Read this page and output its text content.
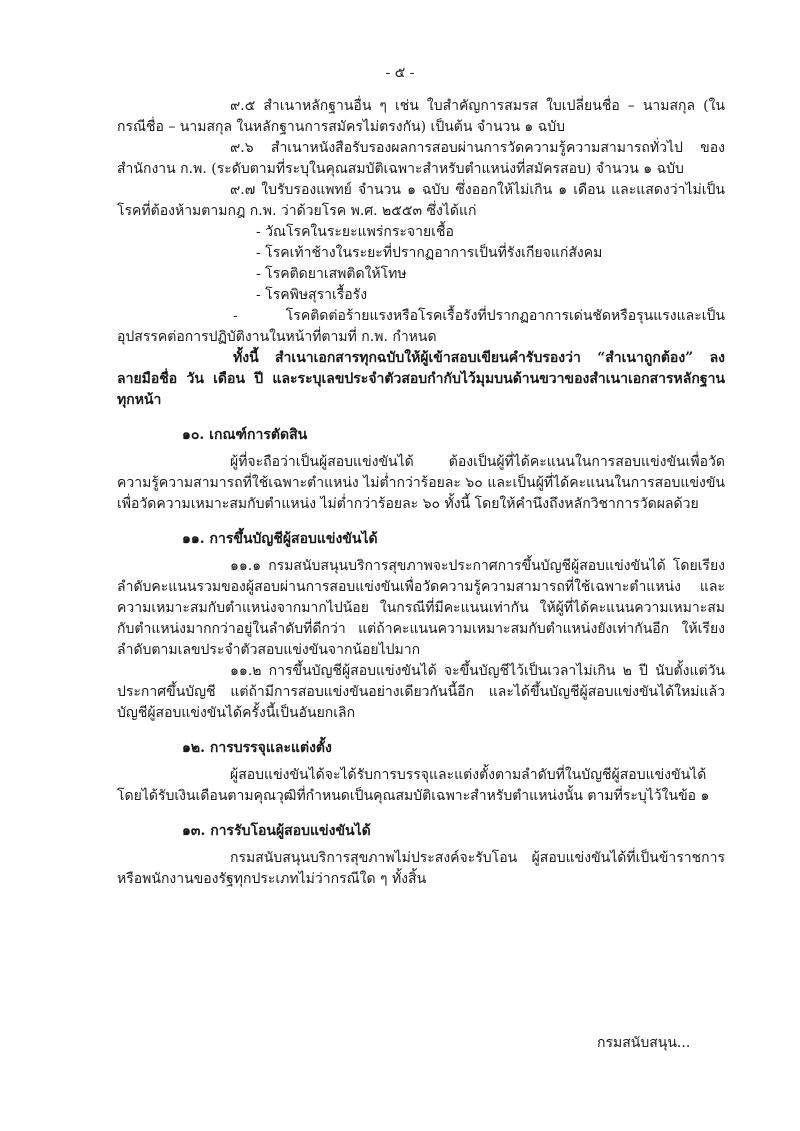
- ๕ -

๙.๕ สำเนาหลักฐานอื่น ๆ เช่น ใบสำคัญการสมรส ใบเปลี่ยนชื่อ – นามสกุล (ในกรณีชื่อ – นามสกุล ในหลักฐานการสมัครไม่ตรงกัน) เป็นต้น จำนวน ๑ ฉบับ

๙.๖ สำเนาหนังสือรับรองผลการสอบผ่านการวัดความรู้ความสามารถทั่วไป ของ สำนักงาน ก.พ. (ระดับตามที่ระบุในคุณสมบัติเฉพาะสำหรับตำแหน่งที่สมัครสอบ) จำนวน ๑ ฉบับ

๙.๗ ใบรับรองแพทย์ จำนวน ๑ ฉบับ ซึ่งออกให้ไม่เกิน ๑ เดือน และแสดงว่าไม่เป็นโรคที่ต้องห้ามตามกฎ ก.พ. ว่าด้วยโรค พ.ศ. ๒๕๕๓ ซึ่งได้แก่

- วัณโรคในระยะแพร่กระจายเชื้อ

- โรคเท้าช้างในระยะที่ปรากฏอาการเป็นที่รังเกียจแก่สังคม

- โรคติดยาเสพติดให้โทษ

- โรคพิษสุราเรื้อรัง

- โรคติดต่อร้ายแรงหรือโรคเรื้อรังที่ปรากฏอาการเด่นชัดหรือรุนแรงและเป็นอุปสรรคต่อการปฏิบัติงานในหน้าที่ตามที่ ก.พ. กำหนด

ทั้งนี้ สำเนาเอกสารทุกฉบับให้ผู้เข้าสอบเขียนคำรับรองว่า “สำเนาถูกต้อง” ลงลายมือชื่อ วัน เดือน ปี และระบุเลขประจำตัวสอบกำกับไว้มุมบนด้านขวาของสำเนาเอกสารหลักฐานทุกหน้า

๑๐. เกณฑ์การตัดสิน

ผู้ที่จะถือว่าเป็นผู้สอบแข่งขันได้ ต้องเป็นผู้ที่ได้คะแนนในการสอบแข่งขันเพื่อวัดความรู้ความสามารถที่ใช้เฉพาะตำแหน่ง ไม่ต่ำกว่าร้อยละ ๖๐ และเป็นผู้ที่ได้คะแนนในการสอบแข่งขันเพื่อวัดความเหมาะสมกับตำแหน่ง ไม่ต่ำกว่าร้อยละ ๖๐ ทั้งนี้ โดยให้คำนึงถึงหลักวิชาการวัดผลด้วย

๑๑. การขึ้นบัญชีผู้สอบแข่งขันได้

๑๑.๑ กรมสนับสนุนบริการสุขภาพจะประกาศการขึ้นบัญชีผู้สอบแข่งขันได้ โดยเรียงลำดับคะแนนรวมของผู้สอบผ่านการสอบแข่งขันเพื่อวัดความรู้ความสามารถที่ใช้เฉพาะตำแหน่ง และความเหมาะสมกับตำแหน่งจากมากไปน้อย ในกรณีที่มีคะแนนเท่ากัน ให้ผู้ที่ได้คะแนนความเหมาะสมกับตำแหน่งมากกว่าอยู่ในลำดับที่ดีกว่า แต่ถ้าคะแนนความเหมาะสมกับตำแหน่งยังเท่ากันอีก ให้เรียงลำดับตามเลขประจำตัวสอบแข่งขันจากน้อยไปมาก

๑๑.๒ การขึ้นบัญชีผู้สอบแข่งขันได้ จะขึ้นบัญชีไว้เป็นเวลาไม่เกิน ๒ ปี นับตั้งแต่วันประกาศขึ้นบัญชี แต่ถ้ามีการสอบแข่งขันอย่างเดียวกันนี้อีก และได้ขึ้นบัญชีผู้สอบแข่งขันได้ใหม่แล้ว บัญชีผู้สอบแข่งขันได้ครั้งนี้เป็นอันยกเลิก

๑๒. การบรรจุและแต่งตั้ง

ผู้สอบแข่งขันได้จะได้รับการบรรจุและแต่งตั้งตามลำดับที่ในบัญชีผู้สอบแข่งขันได้ โดยได้รับเงินเดือนตามคุณวุฒิที่กำหนดเป็นคุณสมบัติเฉพาะสำหรับตำแหน่งนั้น ตามที่ระบุไว้ในข้อ ๑

๑๓. การรับโอนผู้สอบแข่งขันได้

กรมสนับสนุนบริการสุขภาพไม่ประสงค์จะรับโอน ผู้สอบแข่งขันได้ที่เป็นข้าราชการหรือพนักงานของรัฐทุกประเภทไม่ว่ากรณีใด ๆ ทั้งสิ้น

กรมสนับสนุน...
